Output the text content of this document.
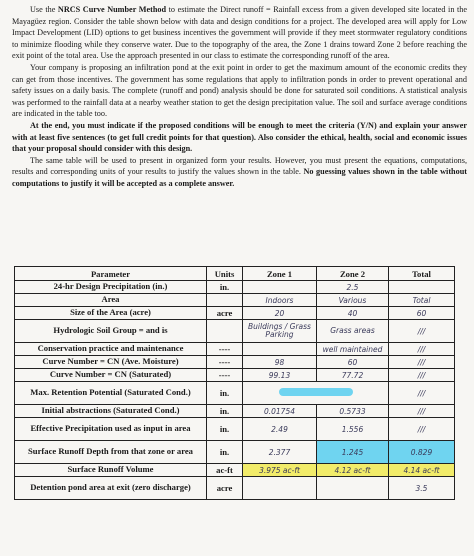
Use the NRCS Curve Number Method to estimate the Direct runoff = Rainfall excess from a given developed site located in the Mayagüez region. Consider the table shown below with data and design conditions for a project. The developed area will apply for Low Impact Development (LID) options to get business incentives the government will provide if they meet stormwater regulatory conditions to minimize flooding while they conserve water. Due to the topography of the area, the Zone 1 drains toward Zone 2 before reaching the exit point of the total area. Use the approach presented in our class to estimate the corresponding runoff of the area.

Your company is proposing an infiltration pond at the exit point in order to get the maximum amount of the economic credits they can get from those incentives. The government has some regulations that apply to infiltration ponds in order to prevent operational and safety issues on a daily basis. The complete (runoff and pond) analysis should be done for saturated soil conditions. A statistical analysis was performed to the rainfall data at a nearby weather station to get the design precipitation value. The soil and surface average conditions are indicated in the table too.

At the end, you must indicate if the proposed conditions will be enough to meet the criteria (Y/N) and explain your answer with at least five sentences (to get full credit points for that question). Also consider the ethical, health, social and economic issues that your proposal should consider with this design.

The same table will be used to present in organized form your results. However, you must present the equations, computations, results and corresponding units of your results to justify the values shown in the table. No guessing values shown in the table without computations to justify it will be accepted as a complete answer.

Parameter	Units	Zone 1	Zone 2	Total
24-hr Design Precipitation (in.)	in.		2.5	
Area		Indoors	Various	Total
Size of the Area (acre)	acre	20	40	60
Hydrologic Soil Group = and is		Buildings / Grass Parking	Grass areas	///
Conservation practice and maintenance	----		well maintained	///
Curve Number = CN (Ave. Moisture)	----	98	60	///
Curve Number = CN (Saturated)	----	99.13	77.72	///
Max. Retention Potential (Saturated Cond.)	in.			///
Initial abstractions (Saturated Cond.)	in.	0.01754	0.5733	///
Effective Precipitation used as input in area	in.	2.49	1.556	///
Surface Runoff Depth from that zone or area	in.	2.377	1.245	0.829
Surface Runoff Volume	ac-ft	3.975 ac-ft	4.12 ac-ft	4.14 ac-ft
Detention pond area at exit (zero discharge)	acre			3.5
